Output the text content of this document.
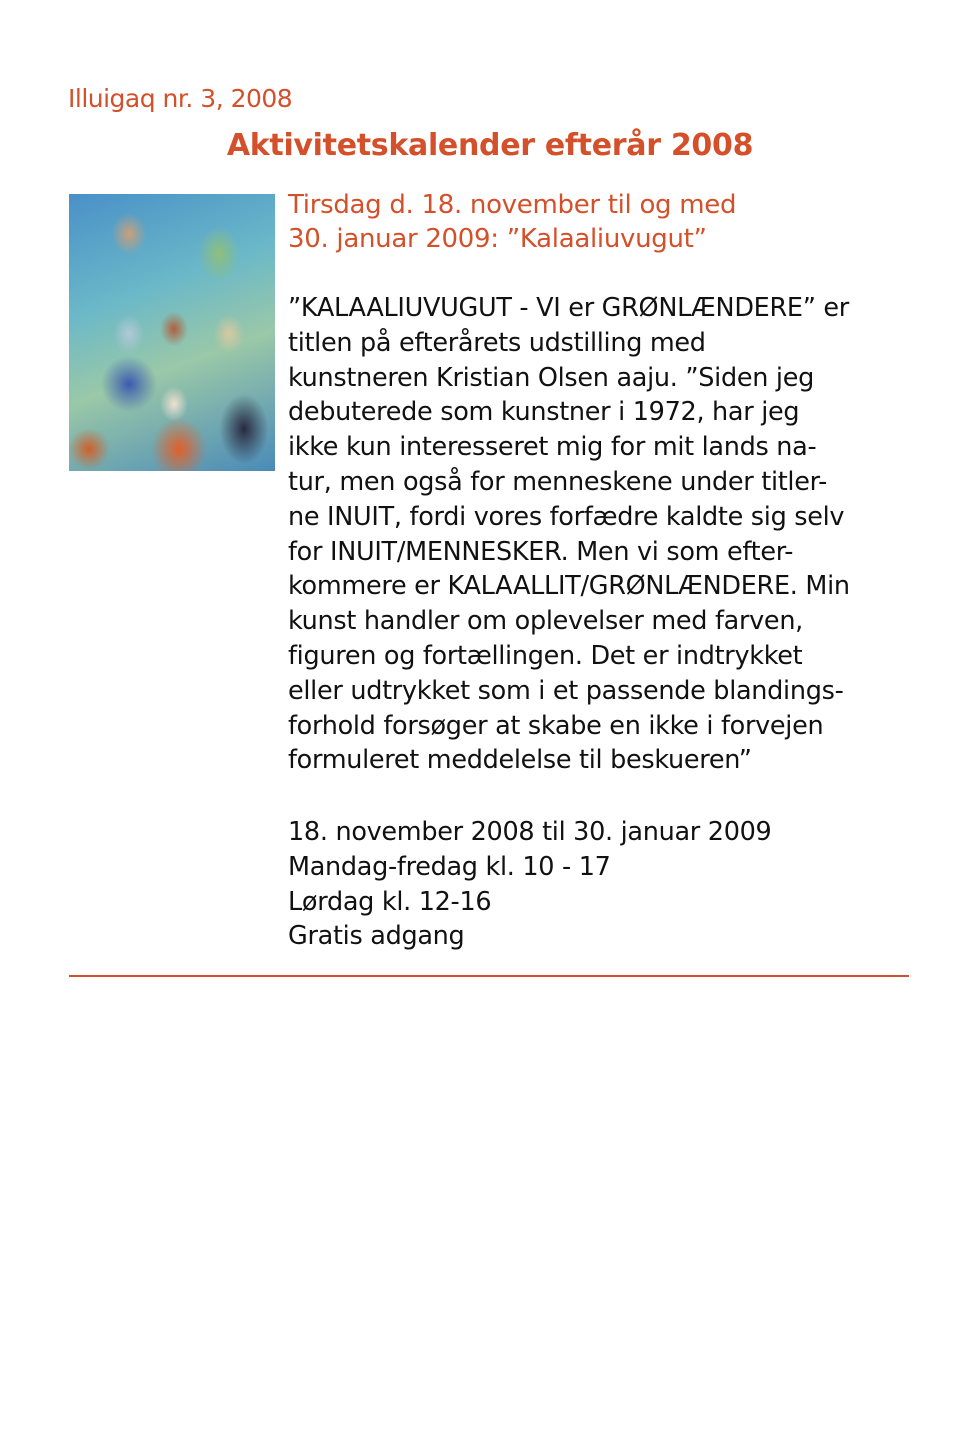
Illuigaq nr. 3, 2008
Aktivitetskalender efterår 2008
Tirsdag d. 18. november til og med
30. januar 2009: ”Kalaaliuvugut”
”KALAALIUVUGUT - VI er GRØNLÆNDERE” er
titlen på efterårets udstilling med
kunstneren Kristian Olsen aaju. ”Siden jeg
debuterede som kunstner i 1972, har jeg
ikke kun interesseret mig for mit lands na-
tur, men også for menneskene under titler-
ne INUIT, fordi vores forfædre kaldte sig selv
for INUIT/MENNESKER. Men vi som efter-
kommere er KALAALLIT/GRØNLÆNDERE. Min
kunst handler om oplevelser med farven,
figuren og fortællingen. Det er indtrykket
eller udtrykket som i et passende blandings-
forhold forsøger at skabe en ikke i forvejen
formuleret meddelelse til beskueren”
18. november 2008 til 30. januar 2009
Mandag-fredag kl. 10 - 17
Lørdag kl. 12-16
Gratis adgang
